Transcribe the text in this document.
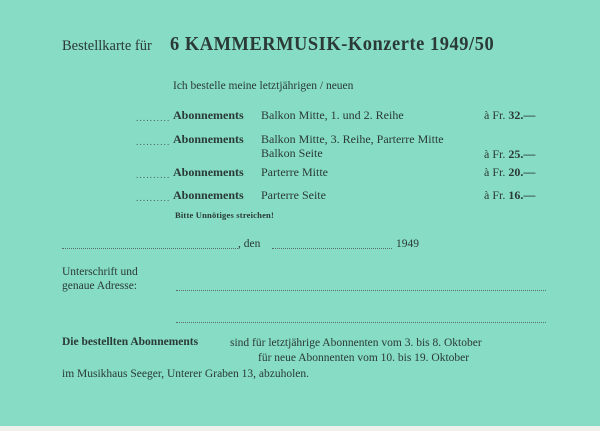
Bestellkarte für 6 KAMMERMUSIK-Konzerte 1949/50
Ich bestelle meine letztjährigen / neuen
.......... Abonnements Balkon Mitte, 1. und 2. Reihe	à Fr. 32.—
.......... Abonnements Balkon Mitte, 3. Reihe, Parterre Mitte
Balkon Seite	à Fr. 25.—
.......... Abonnements Parterre Mitte	à Fr. 20.—
.......... Abonnements Parterre Seite	à Fr. 16.—
Bitte Unnötiges streichen!
, den	1949
Unterschrift und
genaue Adresse:
Die bestellten Abonnements	sind für letztjährige Abonnenten vom 3. bis 8. Oktober
für neue Abonnenten vom 10. bis 19. Oktober
im Musikhaus Seeger, Unterer Graben 13, abzuholen.
